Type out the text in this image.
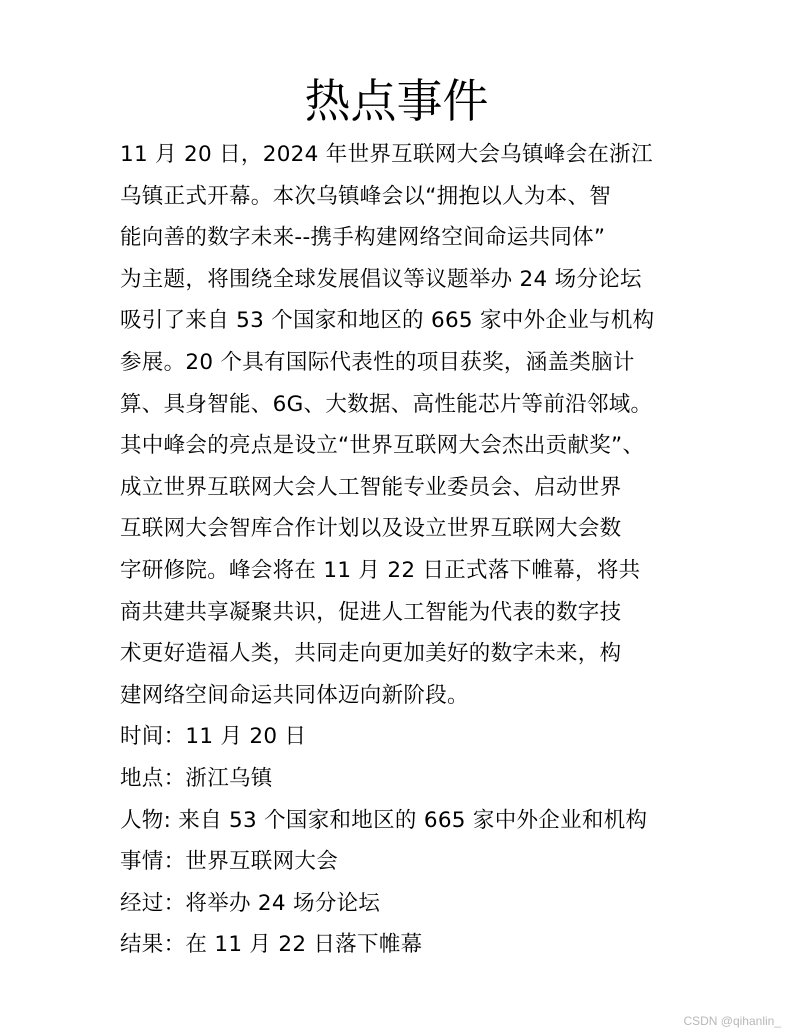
热点事件
11 月 20 日，2024 年世界互联网大会乌镇峰会在浙江
乌镇正式开幕。本次乌镇峰会以“拥抱以人为本、智
能向善的数字未来--携手构建网络空间命运共同体”
为主题，将围绕全球发展倡议等议题举办 24 场分论坛
吸引了来自 53 个国家和地区的 665 家中外企业与机构
参展。20 个具有国际代表性的项目获奖，涵盖类脑计
算、具身智能、6G、大数据、高性能芯片等前沿邻域。
其中峰会的亮点是设立“世界互联网大会杰出贡献奖”、
成立世界互联网大会人工智能专业委员会、启动世界
互联网大会智库合作计划以及设立世界互联网大会数
字研修院。峰会将在 11 月 22 日正式落下帷幕，将共
商共建共享凝聚共识，促进人工智能为代表的数字技
术更好造福人类，共同走向更加美好的数字未来，构
建网络空间命运共同体迈向新阶段。
时间：11 月 20 日
地点：浙江乌镇
人物: 来自 53 个国家和地区的 665 家中外企业和机构
事情：世界互联网大会
经过：将举办 24 场分论坛
结果：在 11 月 22 日落下帷幕
CSDN @qihanlin_
